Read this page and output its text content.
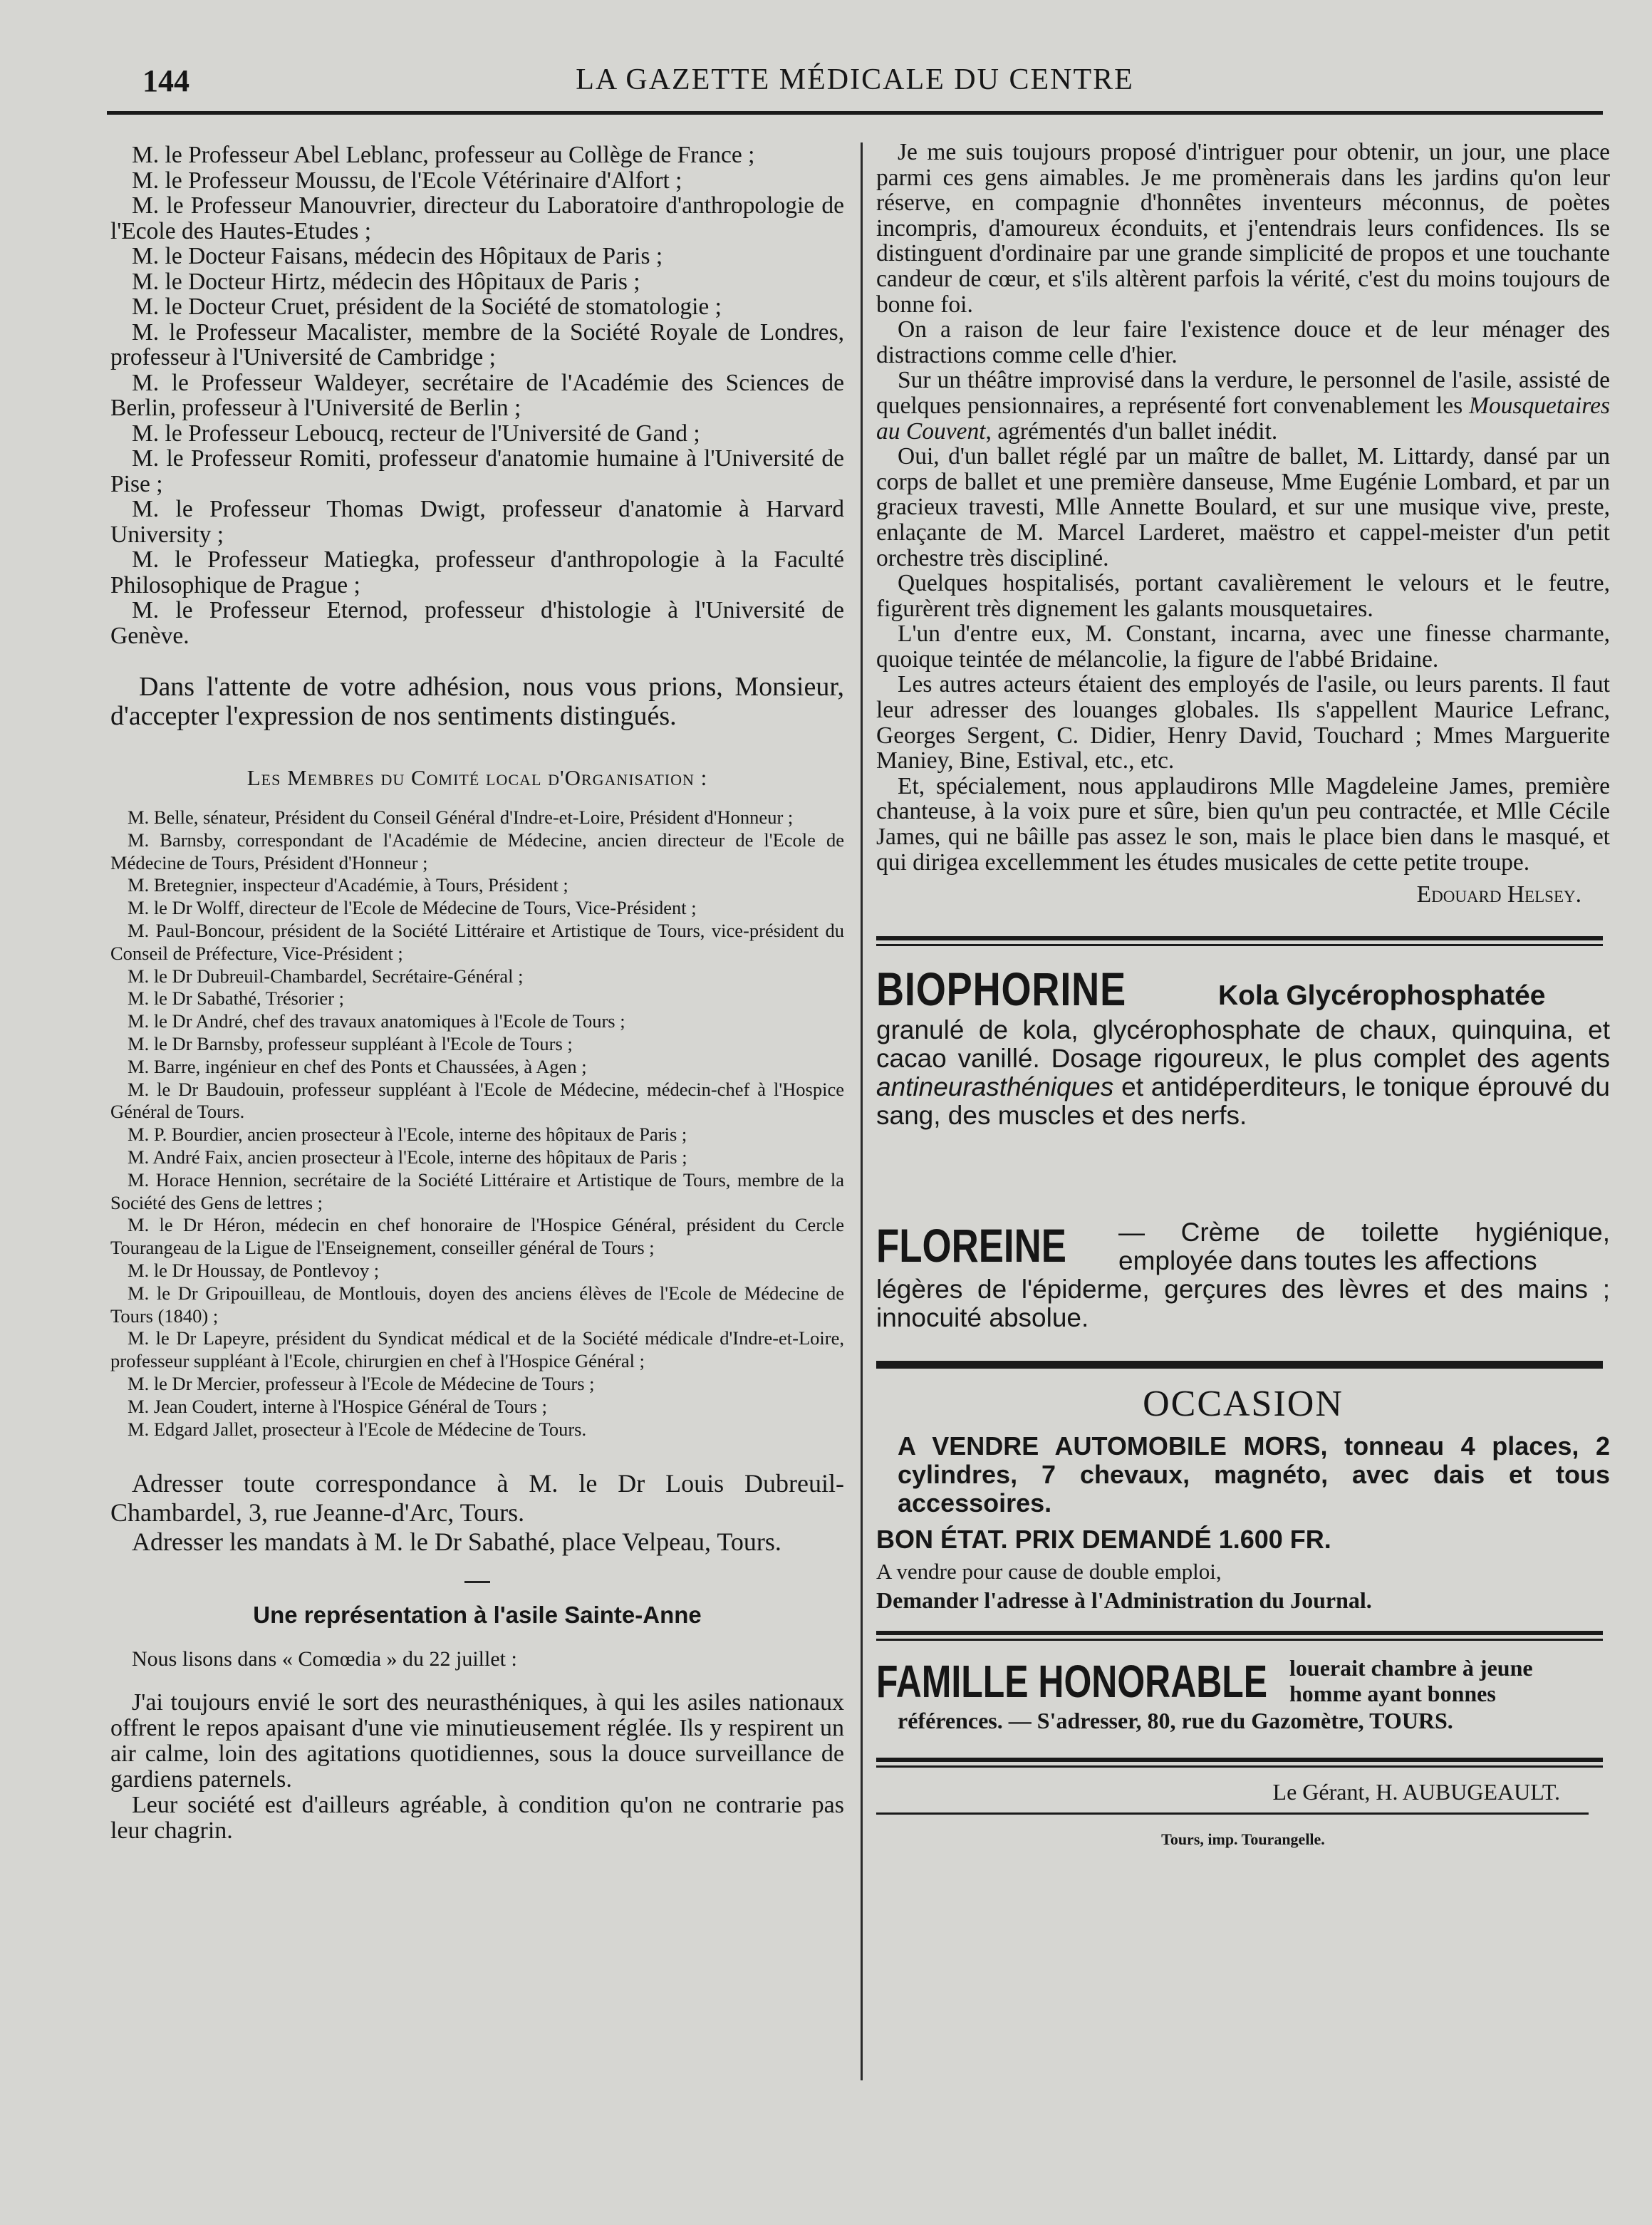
144	LA GAZETTE MÉDICALE DU CENTRE

M. le Professeur Abel Leblanc, professeur au Collège de France ;

M. le Professeur Moussu, de l'Ecole Vétérinaire d'Alfort ;

M. le Professeur Manouvrier, directeur du Laboratoire d'anthropologie de l'Ecole des Hautes-Etudes ;

M. le Docteur Faisans, médecin des Hôpitaux de Paris ;

M. le Docteur Hirtz, médecin des Hôpitaux de Paris ;

M. le Docteur Cruet, président de la Société de stomatologie ;

M. le Professeur Macalister, membre de la Société Royale de Londres, professeur à l'Université de Cambridge ;

M. le Professeur Waldeyer, secrétaire de l'Académie des Sciences de Berlin, professeur à l'Université de Berlin ;

M. le Professeur Leboucq, recteur de l'Université de Gand ;

M. le Professeur Romiti, professeur d'anatomie humaine à l'Université de Pise ;

M. le Professeur Thomas Dwigt, professeur d'anatomie à Harvard University ;

M. le Professeur Matiegka, professeur d'anthropologie à la Faculté Philosophique de Prague ;

M. le Professeur Eternod, professeur d'histologie à l'Université de Genève.

Dans l'attente de votre adhésion, nous vous prions, Monsieur, d'accepter l'expression de nos sentiments distingués.

Les Membres du Comité local d'Organisation :

M. Belle, sénateur, Président du Conseil Général d'Indre-et-Loire, Président d'Honneur ;

M. Barnsby, correspondant de l'Académie de Médecine, ancien directeur de l'Ecole de Médecine de Tours, Président d'Honneur ;

M. Bretegnier, inspecteur d'Académie, à Tours, Président ;

M. le Dr Wolff, directeur de l'Ecole de Médecine de Tours, Vice-Président ;

M. Paul-Boncour, président de la Société Littéraire et Artistique de Tours, vice-président du Conseil de Préfecture, Vice-Président ;

M. le Dr Dubreuil-Chambardel, Secrétaire-Général ;

M. le Dr Sabathé, Trésorier ;

M. le Dr André, chef des travaux anatomiques à l'Ecole de Tours ;

M. le Dr Barnsby, professeur suppléant à l'Ecole de Tours ;

M. Barre, ingénieur en chef des Ponts et Chaussées, à Agen ;

M. le Dr Baudouin, professeur suppléant à l'Ecole de Médecine, médecin-chef à l'Hospice Général de Tours.

M. P. Bourdier, ancien prosecteur à l'Ecole, interne des hôpitaux de Paris ;

M. André Faix, ancien prosecteur à l'Ecole, interne des hôpitaux de Paris ;

M. Horace Hennion, secrétaire de la Société Littéraire et Artistique de Tours, membre de la Société des Gens de lettres ;

M. le Dr Héron, médecin en chef honoraire de l'Hospice Général, président du Cercle Tourangeau de la Ligue de l'Enseignement, conseiller général de Tours ;

M. le Dr Houssay, de Pontlevoy ;

M. le Dr Gripouilleau, de Montlouis, doyen des anciens élèves de l'Ecole de Médecine de Tours (1840) ;

M. le Dr Lapeyre, président du Syndicat médical et de la Société médicale d'Indre-et-Loire, professeur suppléant à l'Ecole, chirurgien en chef à l'Hospice Général ;

M. le Dr Mercier, professeur à l'Ecole de Médecine de Tours ;

M. Jean Coudert, interne à l'Hospice Général de Tours ;

M. Edgard Jallet, prosecteur à l'Ecole de Médecine de Tours.

Adresser toute correspondance à M. le Dr Louis Dubreuil-Chambardel, 3, rue Jeanne-d'Arc, Tours.

Adresser les mandats à M. le Dr Sabathé, place Velpeau, Tours.

Une représentation à l'asile Sainte-Anne

Nous lisons dans « Comœdia » du 22 juillet :

J'ai toujours envié le sort des neurasthéniques, à qui les asiles nationaux offrent le repos apaisant d'une vie minutieusement réglée. Ils y respirent un air calme, loin des agitations quotidiennes, sous la douce surveillance de gardiens paternels.

Leur société est d'ailleurs agréable, à condition qu'on ne contrarie pas leur chagrin.

Je me suis toujours proposé d'intriguer pour obtenir, un jour, une place parmi ces gens aimables. Je me promènerais dans les jardins qu'on leur réserve, en compagnie d'honnêtes inventeurs méconnus, de poètes incompris, d'amoureux éconduits, et j'entendrais leurs confidences. Ils se distinguent d'ordinaire par une grande simplicité de propos et une touchante candeur de cœur, et s'ils altèrent parfois la vérité, c'est du moins toujours de bonne foi.

On a raison de leur faire l'existence douce et de leur ménager des distractions comme celle d'hier.

Sur un théâtre improvisé dans la verdure, le personnel de l'asile, assisté de quelques pensionnaires, a représenté fort convenablement les Mousquetaires au Couvent, agrémentés d'un ballet inédit.

Oui, d'un ballet réglé par un maître de ballet, M. Littardy, dansé par un corps de ballet et une première danseuse, Mme Eugénie Lombard, et par un gracieux travesti, Mlle Annette Boulard, et sur une musique vive, preste, enlaçante de M. Marcel Larderet, maëstro et cappel-meister d'un petit orchestre très discipliné.

Quelques hospitalisés, portant cavalièrement le velours et le feutre, figurèrent très dignement les galants mousquetaires.

L'un d'entre eux, M. Constant, incarna, avec une finesse charmante, quoique teintée de mélancolie, la figure de l'abbé Bridaine.

Les autres acteurs étaient des employés de l'asile, ou leurs parents. Il faut leur adresser des louanges globales. Ils s'appellent Maurice Lefranc, Georges Sergent, C. Didier, Henry David, Touchard ; Mmes Marguerite Maniey, Bine, Estival, etc., etc.

Et, spécialement, nous applaudirons Mlle Magdeleine James, première chanteuse, à la voix pure et sûre, bien qu'un peu contractée, et Mlle Cécile James, qui ne bâille pas assez le son, mais le place bien dans le masqué, et qui dirigea excellemment les études musicales de cette petite troupe.

Edouard Helsey.

BIOPHORINE	Kola Glycérophosphatée

granulé de kola, glycérophosphate de chaux, quinquina, et cacao vanillé. Dosage rigoureux, le plus complet des agents antineurasthéniques et antidéperditeurs, le tonique éprouvé du sang, des muscles et des nerfs.

FLOREINE — Crème de toilette hygiénique, employée dans toutes les affections

légères de l'épiderme, gerçures des lèvres et des mains ; innocuité absolue.

OCCASION

A VENDRE AUTOMOBILE MORS, tonneau 4 places, 2 cylindres, 7 chevaux, magnéto, avec dais et tous accessoires.

BON ÉTAT. PRIX DEMANDÉ 1.600 FR.

A vendre pour cause de double emploi,

Demander l'adresse à l'Administration du Journal.

FAMILLE HONORABLE louerait chambre à jeune homme ayant bonnes
références. — S'adresser, 80, rue du Gazomètre, TOURS.
Le Gérant, H. AUBUGEAULT.
Tours, imp. Tourangelle.
